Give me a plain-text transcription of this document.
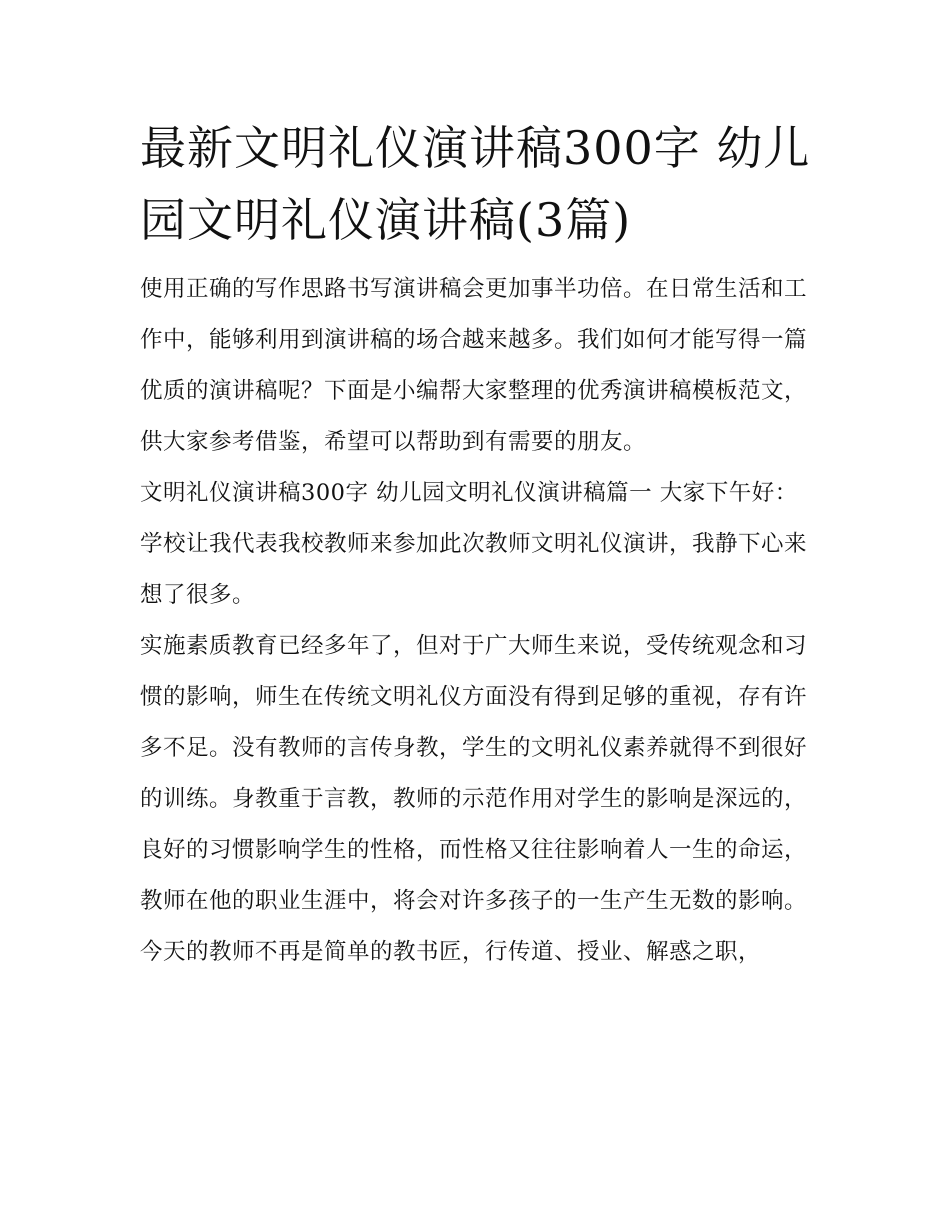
最新文明礼仪演讲稿300字 幼儿园文明礼仪演讲稿(3篇)

使用正确的写作思路书写演讲稿会更加事半功倍。在日常生活和工作中，能够利用到演讲稿的场合越来越多。我们如何才能写得一篇优质的演讲稿呢？下面是小编帮大家整理的优秀演讲稿模板范文，供大家参考借鉴，希望可以帮助到有需要的朋友。

文明礼仪演讲稿300字 幼儿园文明礼仪演讲稿篇一 大家下午好： 学校让我代表我校教师来参加此次教师文明礼仪演讲，我静下心来想了很多。

实施素质教育已经多年了，但对于广大师生来说，受传统观念和习惯的影响，师生在传统文明礼仪方面没有得到足够的重视，存有许多不足。没有教师的言传身教，学生的文明礼仪素养就得不到很好的训练。身教重于言教，教师的示范作用对学生的影响是深远的，良好的习惯影响学生的性格，而性格又往往影响着人一生的命运，教师在他的职业生涯中，将会对许多孩子的一生产生无数的影响。

今天的教师不再是简单的教书匠，行传道、授业、解惑之职，
